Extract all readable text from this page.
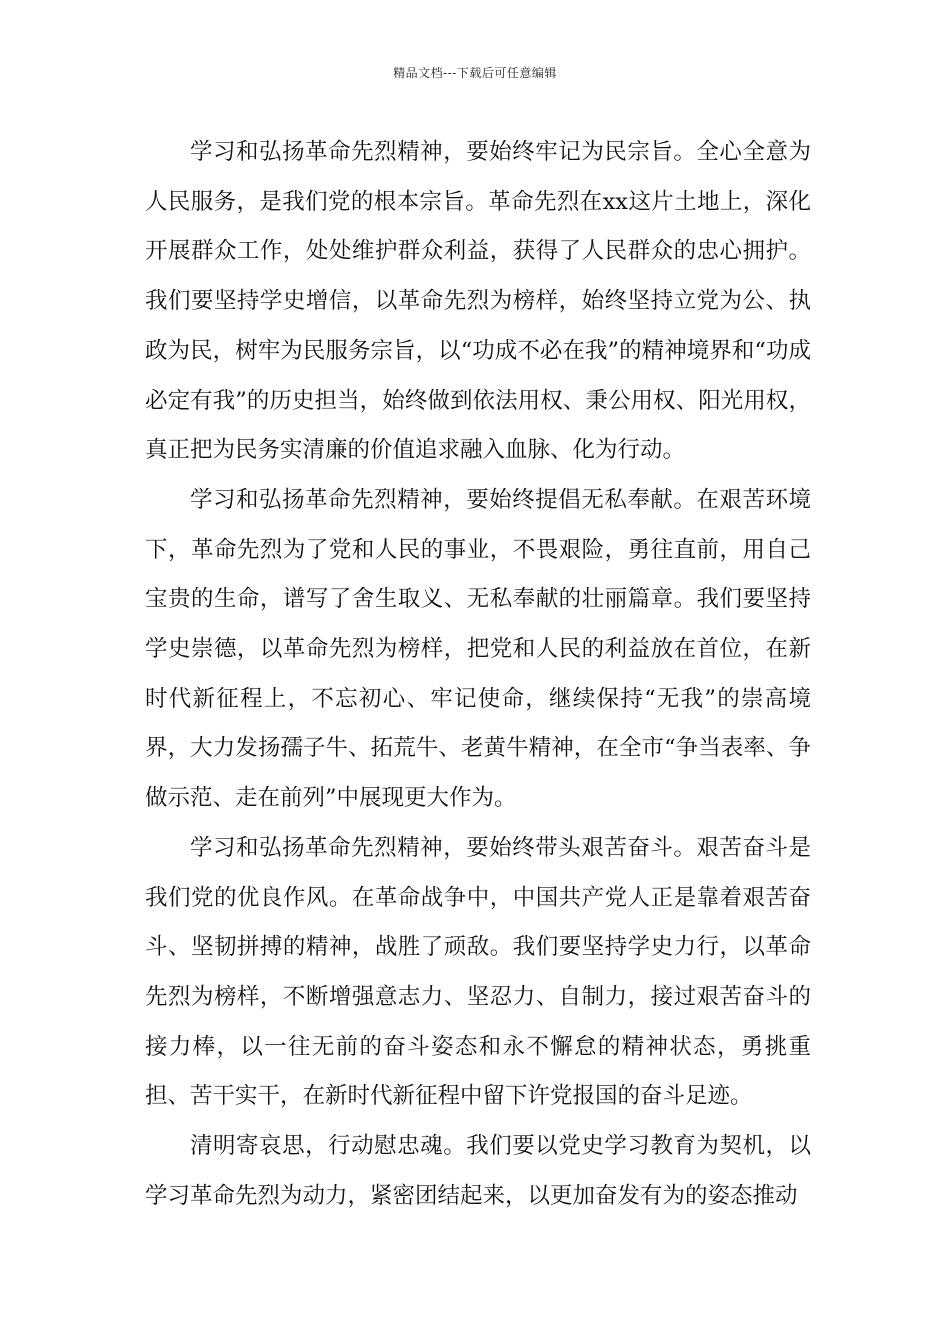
精品文档---下载后可任意编辑

学习和弘扬革命先烈精神，要始终牢记为民宗旨。全心全意为人民服务，是我们党的根本宗旨。革命先烈在xx这片土地上，深化开展群众工作，处处维护群众利益，获得了人民群众的忠心拥护。我们要坚持学史增信，以革命先烈为榜样，始终坚持立党为公、执政为民，树牢为民服务宗旨，以“功成不必在我”的精神境界和“功成必定有我”的历史担当，始终做到依法用权、秉公用权、阳光用权，真正把为民务实清廉的价值追求融入血脉、化为行动。

学习和弘扬革命先烈精神，要始终提倡无私奉献。在艰苦环境下，革命先烈为了党和人民的事业，不畏艰险，勇往直前，用自己宝贵的生命，谱写了舍生取义、无私奉献的壮丽篇章。我们要坚持学史崇德，以革命先烈为榜样，把党和人民的利益放在首位，在新时代新征程上，不忘初心、牢记使命，继续保持“无我”的崇高境界，大力发扬孺子牛、拓荒牛、老黄牛精神，在全市“争当表率、争做示范、走在前列”中展现更大作为。

学习和弘扬革命先烈精神，要始终带头艰苦奋斗。艰苦奋斗是我们党的优良作风。在革命战争中，中国共产党人正是靠着艰苦奋斗、坚韧拼搏的精神，战胜了顽敌。我们要坚持学史力行，以革命先烈为榜样，不断增强意志力、坚忍力、自制力，接过艰苦奋斗的接力棒，以一往无前的奋斗姿态和永不懈怠的精神状态，勇挑重担、苦干实干，在新时代新征程中留下许党报国的奋斗足迹。

清明寄哀思，行动慰忠魂。我们要以党史学习教育为契机，以学习革命先烈为动力，紧密团结起来，以更加奋发有为的姿态推动
